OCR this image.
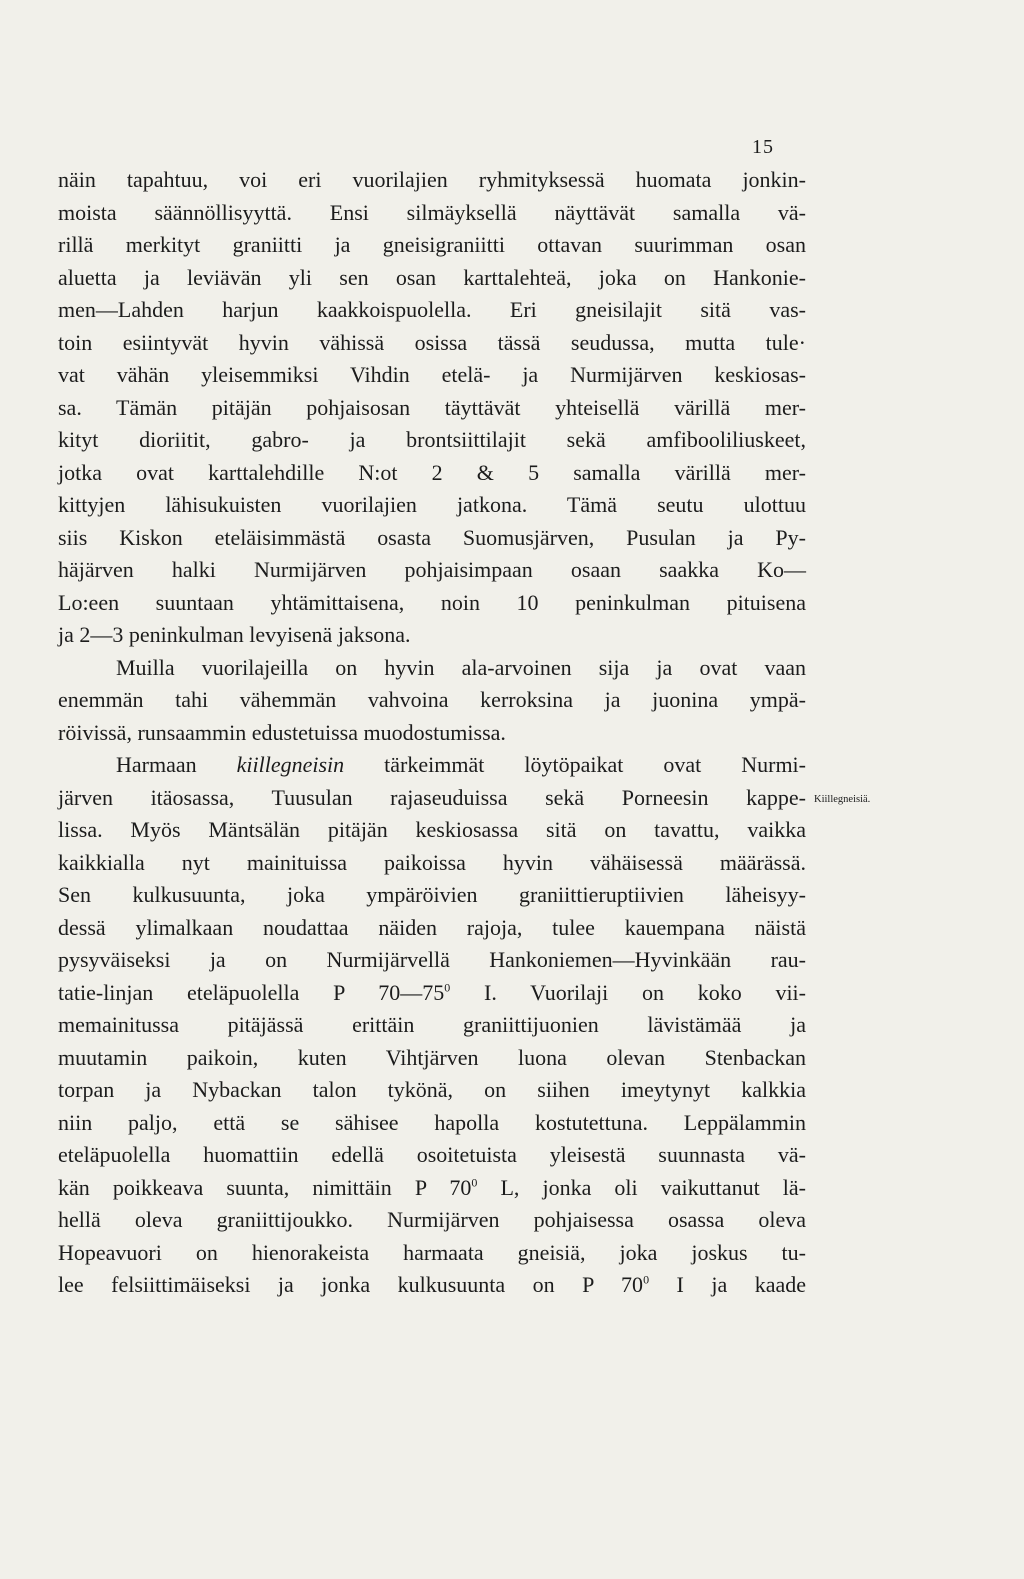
15
näin tapahtuu, voi eri vuorilajien ryhmityksessä huomata jonkin-
moista säännöllisyyttä. Ensi silmäyksellä näyttävät samalla vä-
rillä merkityt graniitti ja gneisigraniitti ottavan suurimman osan
aluetta ja leviävän yli sen osan karttalehteä, joka on Hankonie-
men—Lahden harjun kaakkoispuolella. Eri gneisilajit sitä vas-
toin esiintyvät hyvin vähissä osissa tässä seudussa, mutta tule·
vat vähän yleisemmiksi Vihdin etelä- ja Nurmijärven keskiosas-
sa. Tämän pitäjän pohjaisosan täyttävät yhteisellä värillä mer-
kityt dioriitit, gabro- ja brontsiittilajit sekä amfibooliliuskeet,
jotka ovat karttalehdille N:ot 2 & 5 samalla värillä mer-
kittyjen lähisukuisten vuorilajien jatkona. Tämä seutu ulottuu
siis Kiskon eteläisimmästä osasta Suomusjärven, Pusulan ja Py-
häjärven halki Nurmijärven pohjaisimpaan osaan saakka Ko—
Lo:een suuntaan yhtämittaisena, noin 10 peninkulman pituisena
ja 2—3 peninkulman levyisenä jaksona.
Muilla vuorilajeilla on hyvin ala-arvoinen sija ja ovat vaan
enemmän tahi vähemmän vahvoina kerroksina ja juonina ympä-
röivissä, runsaammin edustetuissa muodostumissa.
Harmaan kiillegneisin tärkeimmät löytöpaikat ovat Nurmi-
järven itäosassa, Tuusulan rajaseuduissa sekä Porneesin kappe-
lissa. Myös Mäntsälän pitäjän keskiosassa sitä on tavattu, vaikka
kaikkialla nyt mainituissa paikoissa hyvin vähäisessä määrässä.
Sen kulkusuunta, joka ympäröivien graniittieruptiivien läheisyy-
dessä ylimalkaan noudattaa näiden rajoja, tulee kauempana näistä
pysyväiseksi ja on Nurmijärvellä Hankoniemen—Hyvinkään rau-
tatie-linjan eteläpuolella P $70—75^0$ I. Vuorilaji on koko vii-
memainitussa pitäjässä erittäin graniittijuonien lävistämää ja
muutamin paikoin, kuten Vihtjärven luona olevan Stenbackan
torpan ja Nybackan talon tykönä, on siihen imeytynyt kalkkia
niin paljo, että se sähisee hapolla kostutettuna. Leppälammin
eteläpuolella huomattiin edellä osoitetuista yleisestä suunnasta vä-
kän poikkeava suunta, nimittäin P $70^0$ L, jonka oli vaikuttanut lä-
hellä oleva graniittijoukko. Nurmijärven pohjaisessa osassa oleva
Hopeavuori on hienorakeista harmaata gneisiä, joka joskus tu-
lee felsiittimäiseksi ja jonka kulkusuunta on P $70^0$ I ja kaade
Kiillegneisiä.
